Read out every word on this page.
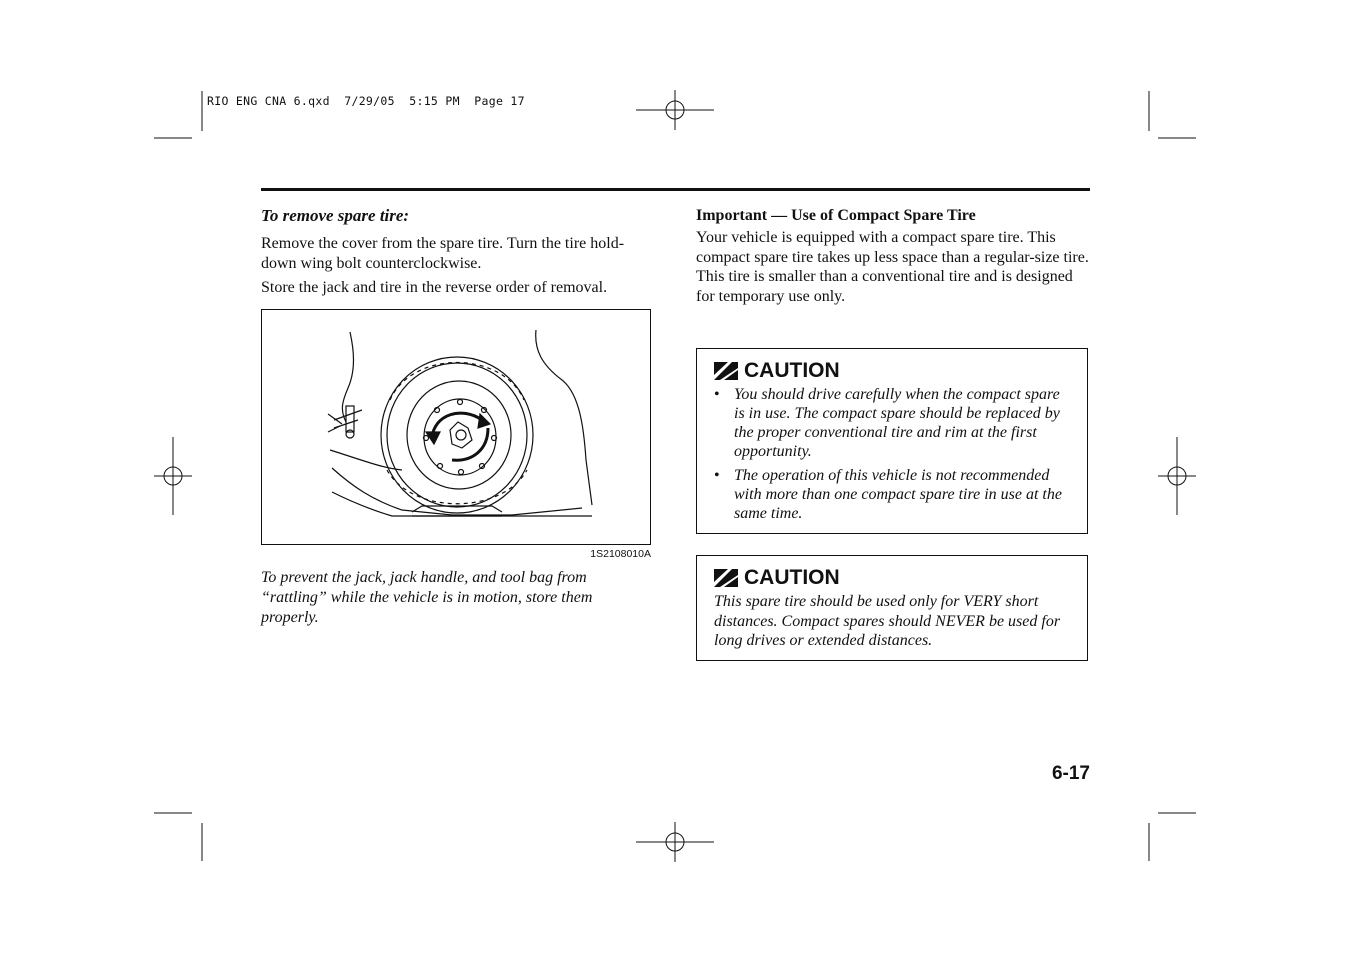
RIO ENG CNA 6.qxd  7/29/05  5:15 PM  Page 17
To remove spare tire:

Remove the cover from the spare tire. Turn the tire hold-down wing bolt counterclockwise.

Store the jack and tire in the reverse order of removal.

1S2108010A
To prevent the jack, jack handle, and tool bag from “rattling” while the vehicle is in motion, store them properly.
Important — Use of Compact Spare Tire

Your vehicle is equipped with a compact spare tire. This compact spare tire takes up less space than a regular-size tire. This tire is smaller than a conventional tire and is designed for temporary use only.

CAUTION
• You should drive carefully when the compact spare is in use. The compact spare should be replaced by the proper conventional tire and rim at the first opportunity.
• The operation of this vehicle is not recommended with more than one compact spare tire in use at the same time.
CAUTION
This spare tire should be used only for VERY short distances. Compact spares should NEVER be used for long drives or extended distances.
6-17
